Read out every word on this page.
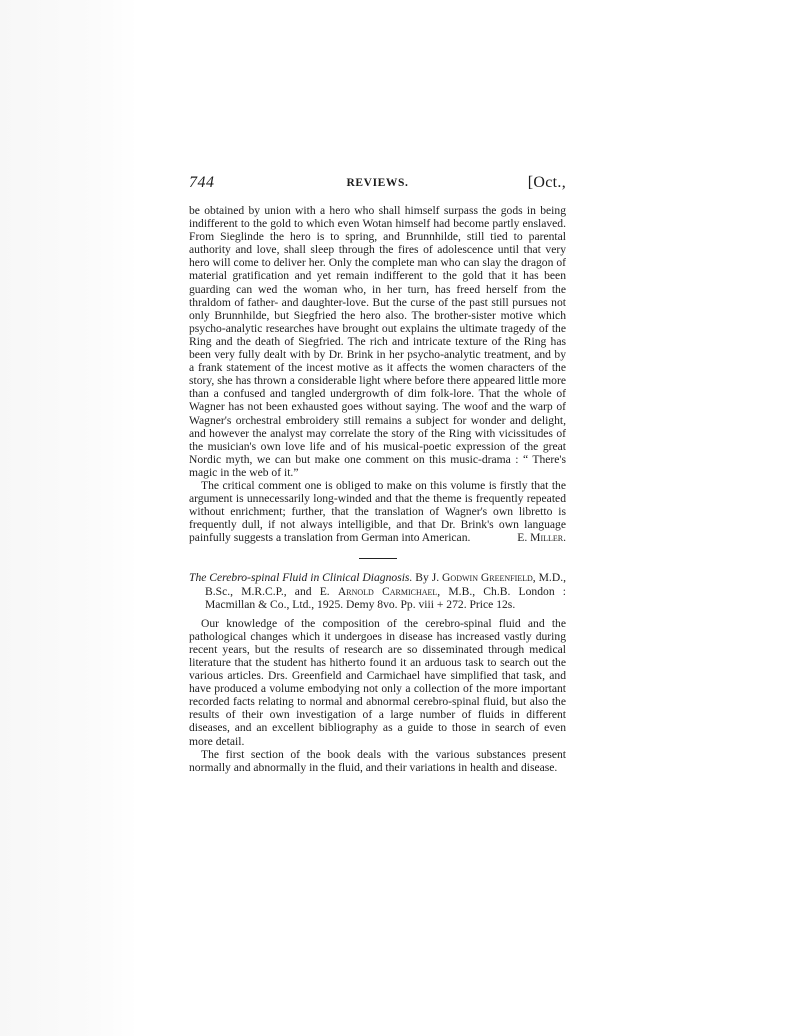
744	REVIEWS.	[Oct.,

be obtained by union with a hero who shall himself surpass the gods in being indifferent to the gold to which even Wotan himself had become partly enslaved. From Sieglinde the hero is to spring, and Brunnhilde, still tied to parental authority and love, shall sleep through the fires of adolescence until that very hero will come to deliver her. Only the complete man who can slay the dragon of material gratification and yet remain indifferent to the gold that it has been guarding can wed the woman who, in her turn, has freed herself from the thraldom of father- and daughter-love. But the curse of the past still pursues not only Brunnhilde, but Siegfried the hero also. The brother-sister motive which psycho-analytic researches have brought out explains the ultimate tragedy of the Ring and the death of Siegfried. The rich and intricate texture of the Ring has been very fully dealt with by Dr. Brink in her psycho-analytic treatment, and by a frank statement of the incest motive as it affects the women characters of the story, she has thrown a considerable light where before there appeared little more than a confused and tangled undergrowth of dim folk-lore. That the whole of Wagner has not been exhausted goes without saying. The woof and the warp of Wagner's orchestral embroidery still remains a subject for wonder and delight, and however the analyst may correlate the story of the Ring with vicissitudes of the musician's own love life and of his musical-poetic expression of the great Nordic myth, we can but make one comment on this music-drama : “ There's magic in the web of it.”

The critical comment one is obliged to make on this volume is firstly that the argument is unnecessarily long-winded and that the theme is frequently repeated without enrichment; further, that the translation of Wagner's own libretto is frequently dull, if not always intelligible, and that Dr. Brink's own language painfully suggests a translation from German into American.	E. Miller.

The Cerebro-spinal Fluid in Clinical Diagnosis. By J. Godwin Greenfield, M.D., B.Sc., M.R.C.P., and E. Arnold Carmichael, M.B., Ch.B. London : Macmillan & Co., Ltd., 1925. Demy 8vo. Pp. viii + 272. Price 12s.

Our knowledge of the composition of the cerebro-spinal fluid and the pathological changes which it undergoes in disease has increased vastly during recent years, but the results of research are so disseminated through medical literature that the student has hitherto found it an arduous task to search out the various articles. Drs. Greenfield and Carmichael have simplified that task, and have produced a volume embodying not only a collection of the more important recorded facts relating to normal and abnormal cerebro-spinal fluid, but also the results of their own investigation of a large number of fluids in different diseases, and an excellent bibliography as a guide to those in search of even more detail.

The first section of the book deals with the various substances present normally and abnormally in the fluid, and their variations in health and disease.
